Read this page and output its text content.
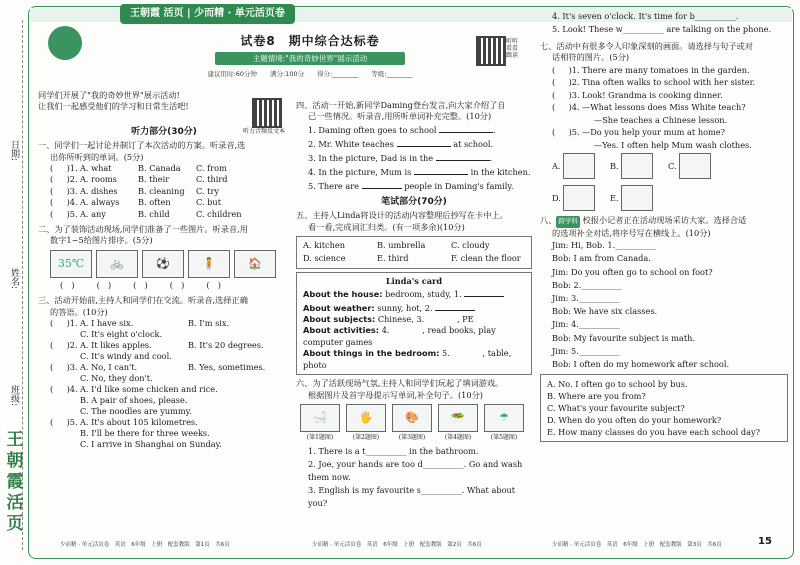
日期:
姓名:
班级:
王朝霞活页
王朝霞 活页 | 少而精 · 单元活页卷

同学们开展了"我的奇妙世界"展示活动!

让我们一起感受他们的学习和日常生活吧!

听力音频及文本
听力部分(30分)

一、同学们一起讨论并制订了本次活动的方案。听录音,选

出你所听到的单词。(5分)

( 　 )1. A. what	B. Canada	C. from
( 　 )2. A. rooms	B. their	C. third
( 　 )3. A. dishes	B. cleaning	C. try
( 　 )4. A. always	B. often	C. but
( 　 )5. A. any	B. child	C. children

二、为了装饰活动现场,同学们准备了一些图片。听录音,用

数字1~5给图片排序。(5分)

35℃	🚲	⚽	🧍	🏠
(　)	(　)	(　)	(　)	(　)

三、活动开始前,主持人和同学们在交流。听录音,选择正确

的答语。(10分)

( 　 )1. A. I have six.	B. I'm six.
C. It's eight o'clock.
( 　 )2. A. It likes apples.	B. It's 20 degrees.
C. It's windy and cool.
( 　 )3. A. No, I can't.	B. Yes, sometimes.
C. No, they don't.
( 　 )4. A. I'd like some chicken and rice.
B. A pair of shoes, please.
C. The noodles are yummy.
( 　 )5. A. It's about 105 kilometres.
B. I'll be there for three weeks.
C. I arrive in Shanghai on Sunday.
试卷8　期中综合达标卷
主题情境:"我的奇妙世界"展示活动
建议用时:60分钟　　满分:100分　　得分:________　　等级:________
听听看看跟读

四、活动一开始,新同学Daming登台发言,向大家介绍了自

己一些情况。听录音,用所听单词补充完整。(10分)

1. Daming often goes to school	.
2. Mr. White teaches	at school.
3. In the picture, Dad is in the	.
4. In the picture, Mum is	in the kitchen.
5. There are	people in Daming's family.
笔试部分(70分)

五、主持人Linda将设计的活动内容整理后抄写在卡中上。

看一看,完成词汇归类。(有一项多余)(10分)

A. kitchen	B. umbrella	C. cloudy
D. science	E. third	F. clean the floor
Linda's card
About the house: bedroom, study, 1.
About weather: sunny, hot, 2.
About subjects: Chinese, 3.　　　　, PE
About activities: 4.　　　　, read books, play computer games
About things in the bedroom: 5.　　　　, table, photo

六、为了活跃现场气氛,主持人和同学们玩起了填词游戏。

根据图片及首字母提示写单词,补全句子。(10分)

🛁
(第1题图)
🖐
(第2题图)
🎨
(第3题图)
🥗
(第4题图)
☂
(第5题图)
1. There is a t__________ in the bathroom.
2. Joe, your hands are too d__________. Go and wash
them now.
3. English is my favourite s__________. What about you?
4. It's seven o'clock. It's time for b__________.
5. Look! These w__________ are talking on the phone.

七、活动中有很多令人印象深刻的画面。请选择与句子或对

话相符的图片。(5分)

( 　 )1. There are many tomatoes in the garden.
( 　 )2. Tina often walks to school with her sister.
( 　 )3. Look! Grandma is cooking dinner.
( 　 )4. —What lessons does Miss White teach?
—She teaches a Chinese lesson.
( 　 )5. —Do you help your mum at home?
—Yes. I often help Mum wash clothes.
A.	B.	C.
D.	E.

八、 跨学科 校报小记者正在活动现场采访大家。选择合适

的选项补全对话,将序号写在横线上。(10分)

Jim: Hi, Bob. 1.__________
Bob: I am from Canada.
Jim: Do you often go to school on foot?
Bob: 2.__________
Jim: 3.__________
Bob: We have six classes.
Jim: 4.__________
Bob: My favourite subject is math.
Jim: 5.__________
Bob: I often do my homework after school.
A. No. I often go to school by bus.
B. Where are you from?
C. What's your favourite subject?
D. When do you often do your homework?
E. How many classes do you have each school day?
少而精 · 单元活页卷　英语　6年级　上册　配套教版　第1页　共6页	少而精 · 单元活页卷　英语　6年级　上册　配套教版　第2页　共6页	少而精 · 单元活页卷　英语　6年级　上册　配套教版　第3页　共6页	15
